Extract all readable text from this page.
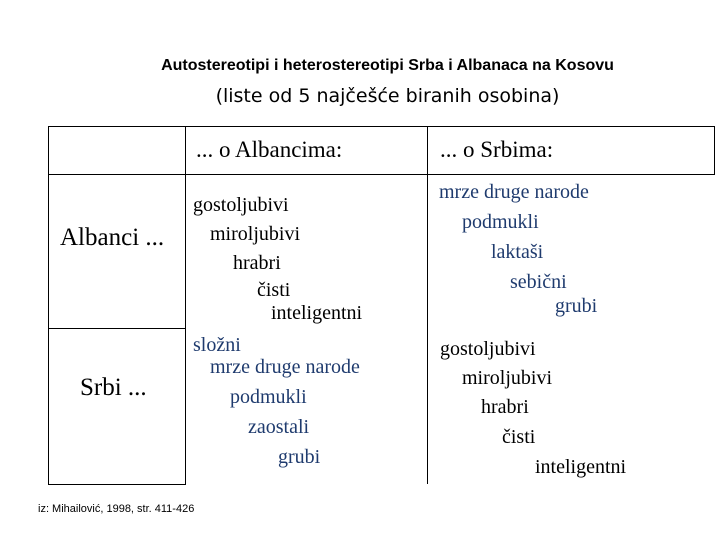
Autostereotipi i heterostereotipi Srba i Albanaca na Kosovu
(liste od 5 najčešće biranih osobina)
... o Albancima:	... o Srbima:
Albanci ...
Srbi ...
gostoljubivi
miroljubivi
hrabri
čisti
inteligentni
mrze druge narode
podmukli
laktaši
sebični
grubi
složni
mrze druge narode
podmukli
zaostali
grubi
gostoljubivi
miroljubivi
hrabri
čisti
inteligentni
iz: Mihailović, 1998, str. 411-426
